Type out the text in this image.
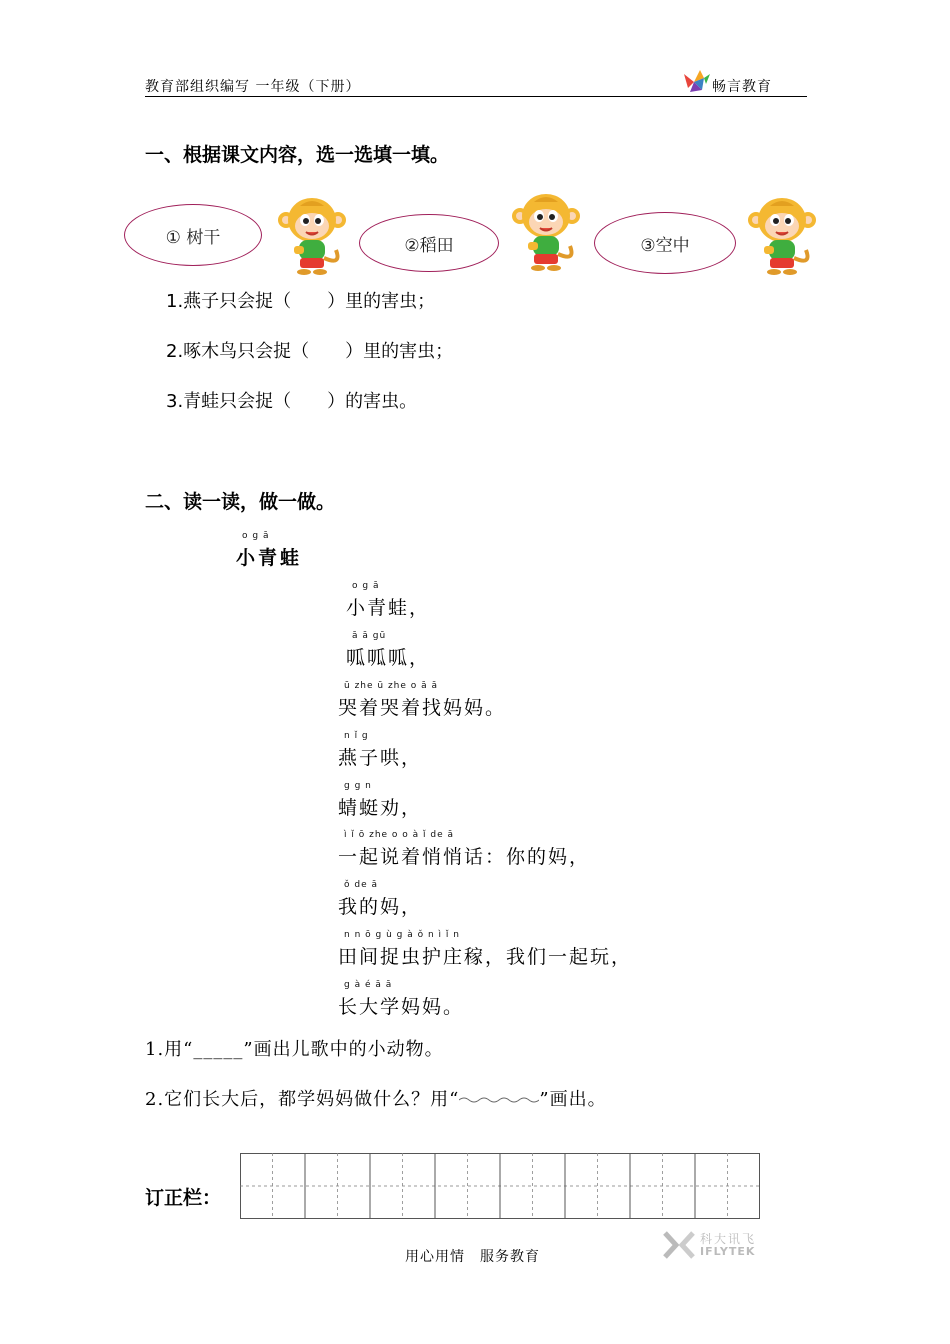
教育部组织编写 一年级（下册）	畅言教育
一、根据课文内容，选一选填一填。
① 树干	②稻田	③空中
1.燕子只会捉（　　）里的害虫；
2.啄木鸟只会捉（　　）里的害虫；
3.青蛙只会捉（　　）的害虫。
二、读一读，做一做。
o g ā
小青蛙
o g ā
小青蛙，
ā ā gū
呱呱呱，
ū zhe ū zhe o ā ā
哭着哭着找妈妈。
n ǐ g
燕子哄，
g g n
蜻蜓劝，
ì ǐ ō zhe o o à ǐ de ā
一起说着悄悄话：你的妈，
ǒ de ā
我的妈，
n n ō g ù g à ǒ n ì ǐ n
田间捉虫护庄稼，我们一起玩，
g à é ā ā
长大学妈妈。
1.用“_____”画出儿歌中的小动物。
2.它们长大后，都学妈妈做什么？用“	”画出。
订正栏：
用心用情　服务教育
科大讯飞
IFLYTEK
